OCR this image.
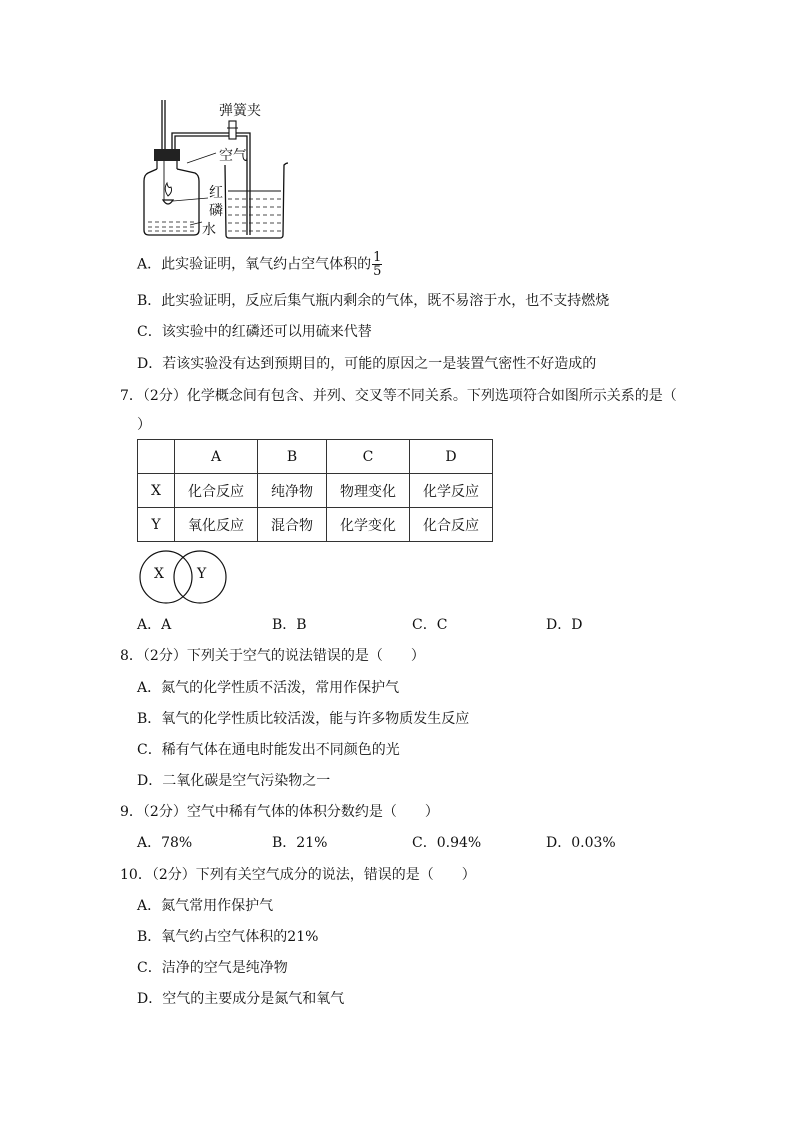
弹簧夹
空气
红
磷
水
A．此实验证明，氧气约占空气体积的 $\frac{1}{5}$
B．此实验证明，反应后集气瓶内剩余的气体，既不易溶于水，也不支持燃烧
C．该实验中的红磷还可以用硫来代替
D．若该实验没有达到预期目的，可能的原因之一是装置气密性不好造成的
7．（2分）化学概念间有包含、并列、交叉等不同关系。下列选项符合如图所示关系的是（
）
	A	B	C	D
X	化合反应	纯净物	物理变化	化学反应
Y	氧化反应	混合物	化学变化	化合反应
X Y
A．A	B．B	C．C	D．D
8．（2分）下列关于空气的说法错误的是（　　）
A．氮气的化学性质不活泼，常用作保护气
B．氧气的化学性质比较活泼，能与许多物质发生反应
C．稀有气体在通电时能发出不同颜色的光
D．二氧化碳是空气污染物之一
9．（2分）空气中稀有气体的体积分数约是（　　）
A．78%	B．21%	C．0.94%	D．0.03%
10．（2分）下列有关空气成分的说法，错误的是（　　）
A．氮气常用作保护气
B．氧气约占空气体积的21%
C．洁净的空气是纯净物
D．空气的主要成分是氮气和氧气
